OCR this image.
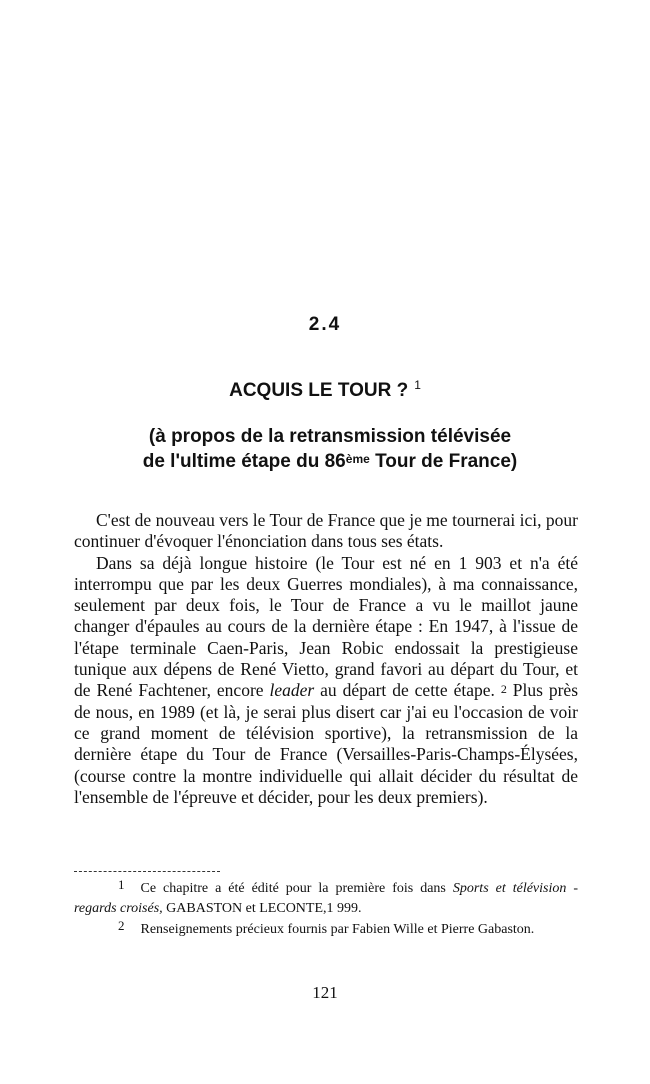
2.4
ACQUIS LE TOUR ? $^1$
(à propos de la retransmission télévisée
de l'ultime étape du 86ème Tour de France)

C'est de nouveau vers le Tour de France que je me tournerai ici, pour continuer d'évoquer l'énonciation dans tous ses états.

Dans sa déjà longue histoire (le Tour est né en 1 903 et n'a été interrompu que par les deux Guerres mondiales), à ma connaissance, seulement par deux fois, le Tour de France a vu le maillot jaune changer d'épaules au cours de la dernière étape : En 1947, à l'issue de l'étape terminale Caen-Paris, Jean Robic endossait la prestigieuse tunique aux dépens de René Vietto, grand favori au départ du Tour, et de René Fachtener, encore leader au départ de cette étape. $^2$ Plus près de nous, en 1989 (et là, je serai plus disert car j'ai eu l'occasion de voir ce grand moment de télévision sportive), la retransmission de la dernière étape du Tour de France (Versailles-Paris-Champs-Élysées, (course contre la montre individuelle qui allait décider du résultat de l'ensemble de l'épreuve et décider, pour les deux premiers).

1 Ce chapitre a été édité pour la première fois dans Sports et télévision - regards croisés, GABASTON et LECONTE,1 999.

2 Renseignements précieux fournis par Fabien Wille et Pierre Gabaston.

121
